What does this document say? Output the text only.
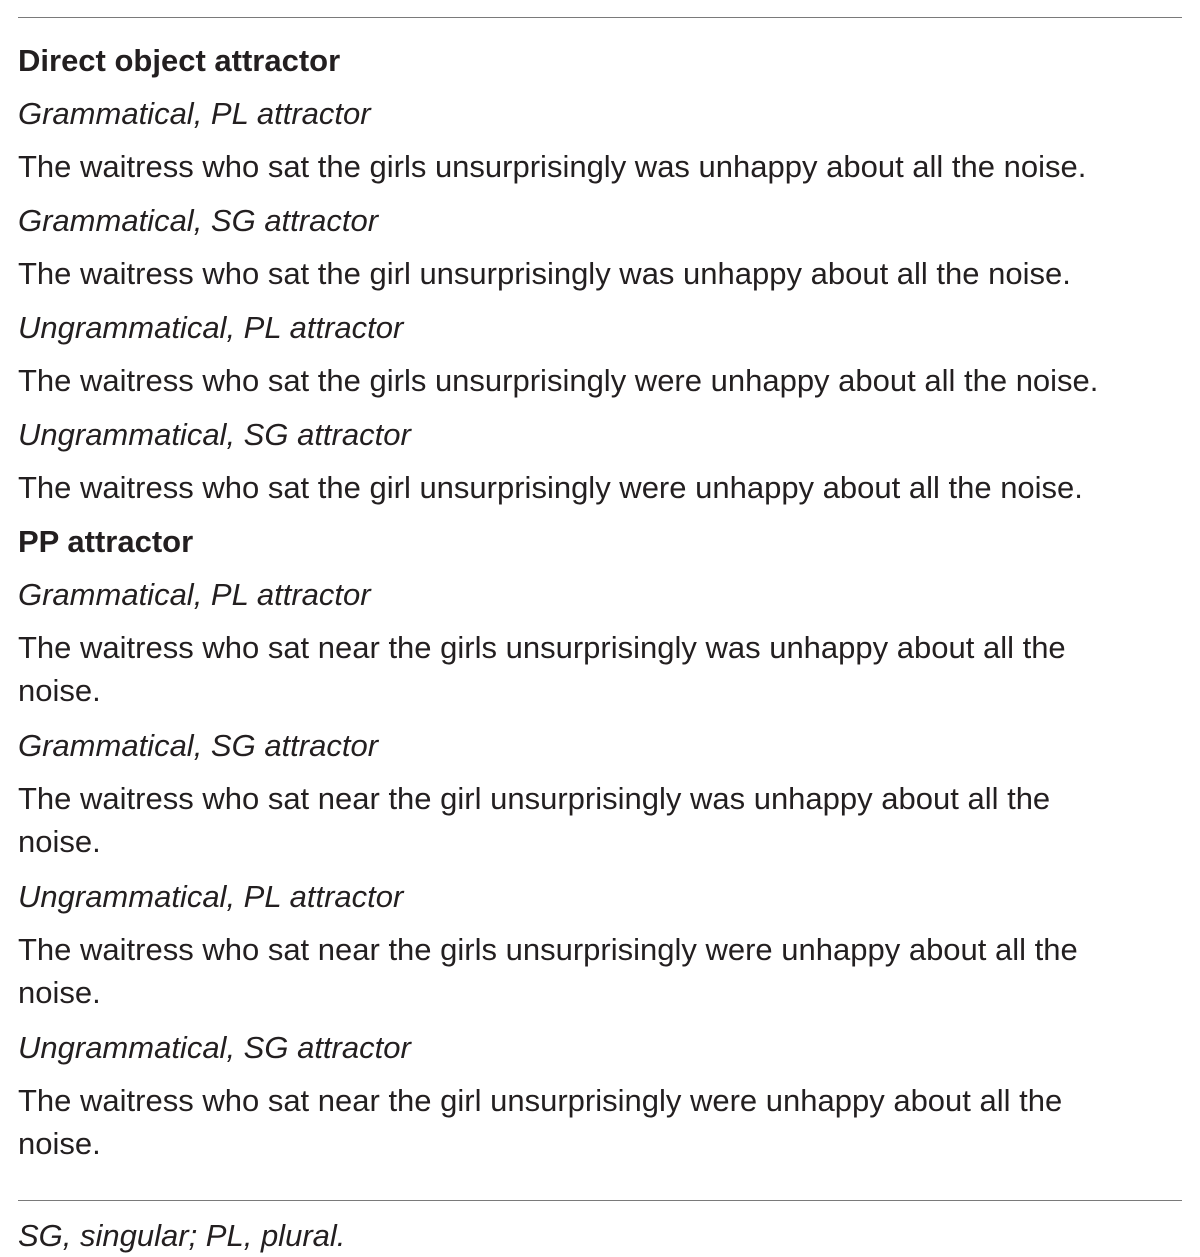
Direct object attractor
Grammatical, PL attractor
The waitress who sat the girls unsurprisingly was unhappy about all the noise.
Grammatical, SG attractor
The waitress who sat the girl unsurprisingly was unhappy about all the noise.
Ungrammatical, PL attractor
The waitress who sat the girls unsurprisingly were unhappy about all the noise.
Ungrammatical, SG attractor
The waitress who sat the girl unsurprisingly were unhappy about all the noise.
PP attractor
Grammatical, PL attractor
The waitress who sat near the girls unsurprisingly was unhappy about all the noise.
Grammatical, SG attractor
The waitress who sat near the girl unsurprisingly was unhappy about all the noise.
Ungrammatical, PL attractor
The waitress who sat near the girls unsurprisingly were unhappy about all the noise.
Ungrammatical, SG attractor
The waitress who sat near the girl unsurprisingly were unhappy about all the noise.
SG, singular; PL, plural.
